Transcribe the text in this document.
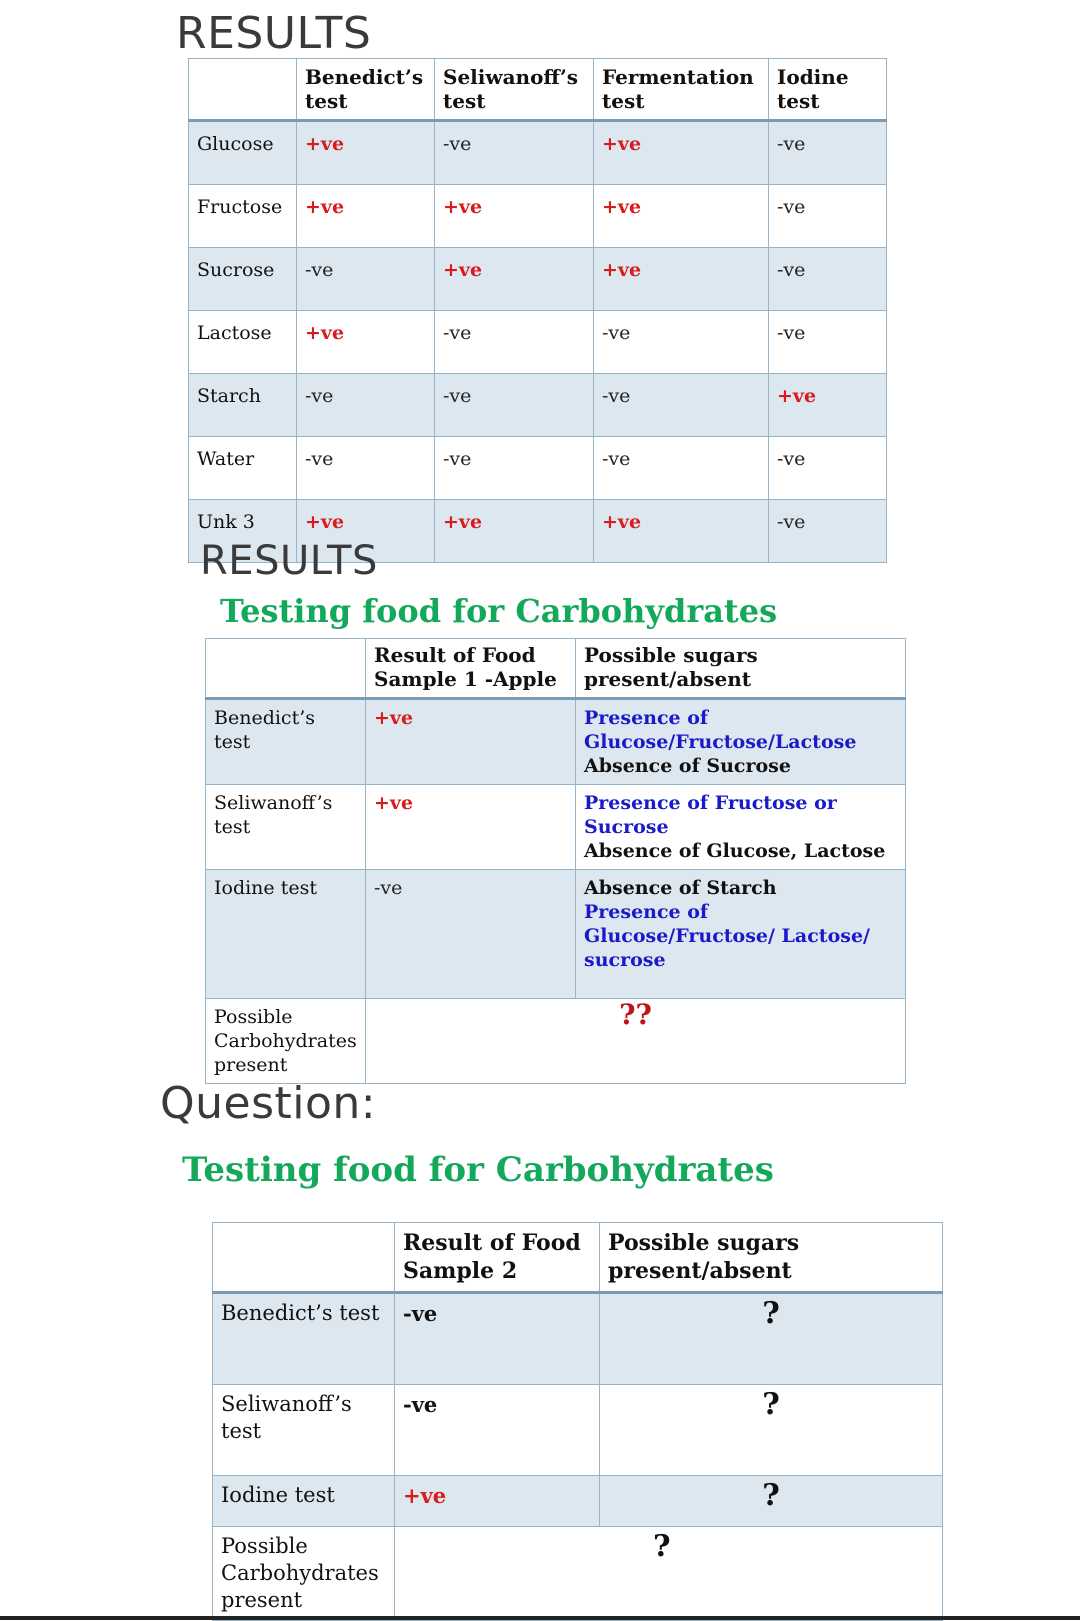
RESULTS
	Benedict’s test	Seliwanoff’s test	Fermentation test	Iodine test
Glucose	+ve	-ve	+ve	-ve
Fructose	+ve	+ve	+ve	-ve
Sucrose	-ve	+ve	+ve	-ve
Lactose	+ve	-ve	-ve	-ve
Starch	-ve	-ve	-ve	+ve
Water	-ve	-ve	-ve	-ve
Unk 3	+ve	+ve	+ve	-ve
RESULTS
Testing food for Carbohydrates
	Result of Food Sample 1 -Apple	Possible sugars present/absent
Benedict’s test	+ve	Presence of Glucose/Fructose/Lactose
Absence of Sucrose

Seliwanoff’s test	+ve	Presence of Fructose or Sucrose
Absence of Glucose, Lactose

Iodine test	-ve	Absence of Starch
Presence of Glucose/Fructose/ Lactose/ sucrose

Possible Carbohydrates present	??	
Question:
Testing food for Carbohydrates
	Result of Food Sample 2	Possible sugars present/absent
Benedict’s test	-ve	?
Seliwanoff’s test	-ve	?
Iodine test	+ve	?
Possible Carbohydrates present	?	
